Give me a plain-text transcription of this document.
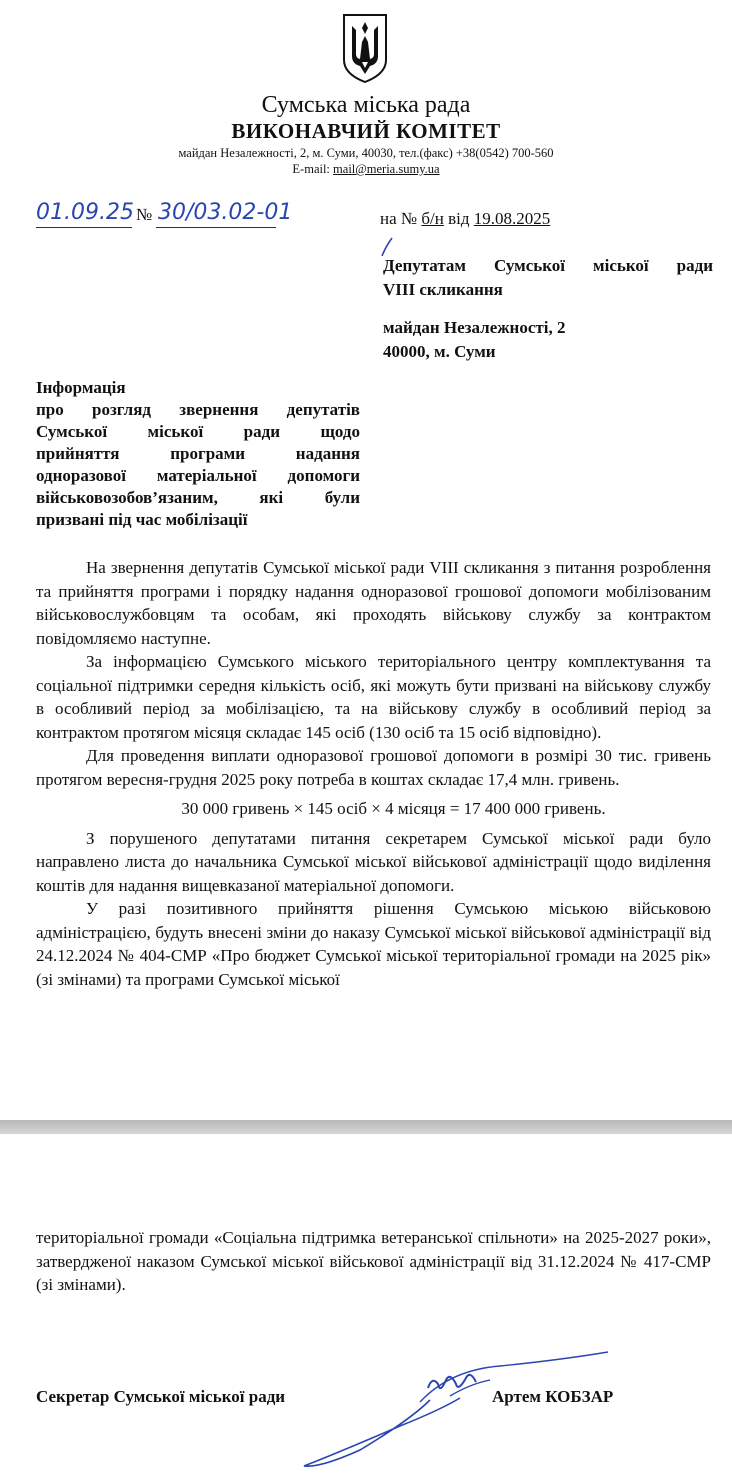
Сумська міська рада
ВИКОНАВЧИЙ КОМІТЕТ
майдан Незалежності, 2, м. Суми, 40030, тел.(факс) +38(0542) 700-560
E-mail: mail@meria.sumy.ua
01.09.25 № 30/03.02-01	на № б/н від 19.08.2025

Депутатам Сумської міської ради

VIII скликання

майдан Незалежності, 2

40000, м. Суми

Інформація
про розгляд звернення депутатів
Сумської міської ради щодо
прийняття програми надання
одноразової матеріальної допомоги
військовозобов’язаним, які були
призвані під час мобілізації

На звернення депутатів Сумської міської ради VIII скликання з питання розроблення та прийняття програми і порядку надання одноразової грошової допомоги мобілізованим військовослужбовцям та особам, які проходять військову службу за контрактом повідомляємо наступне.

За інформацією Сумського міського територіального центру комплектування та соціальної підтримки середня кількість осіб, які можуть бути призвані на військову службу в особливий період за мобілізацією, та на військову службу в особливий період за контрактом протягом місяця складає 145 осіб (130 осіб та 15 осіб відповідно).

Для проведення виплати одноразової грошової допомоги в розмірі 30 тис. гривень протягом вересня-грудня 2025 року потреба в коштах складає 17,4 млн. гривень.

30 000 гривень × 145 осіб × 4 місяця = 17 400 000 гривень.

З порушеного депутатами питання секретарем Сумської міської ради було направлено листа до начальника Сумської міської військової адміністрації щодо виділення коштів для надання вищевказаної матеріальної допомоги.

У разі позитивного прийняття рішення Сумською міською військовою адміністрацією, будуть внесені зміни до наказу Сумської міської військової адміністрації від 24.12.2024 № 404-СМР «Про бюджет Сумської міської територіальної громади на 2025 рік» (зі змінами) та програми Сумської міської

територіальної громади «Соціальна підтримка ветеранської спільноти» на 2025-2027 роки», затвердженої наказом Сумської міської військової адміністрації від 31.12.2024 № 417-СМР (зі змінами).
Секретар Сумської міської ради	Артем КОБЗАР
